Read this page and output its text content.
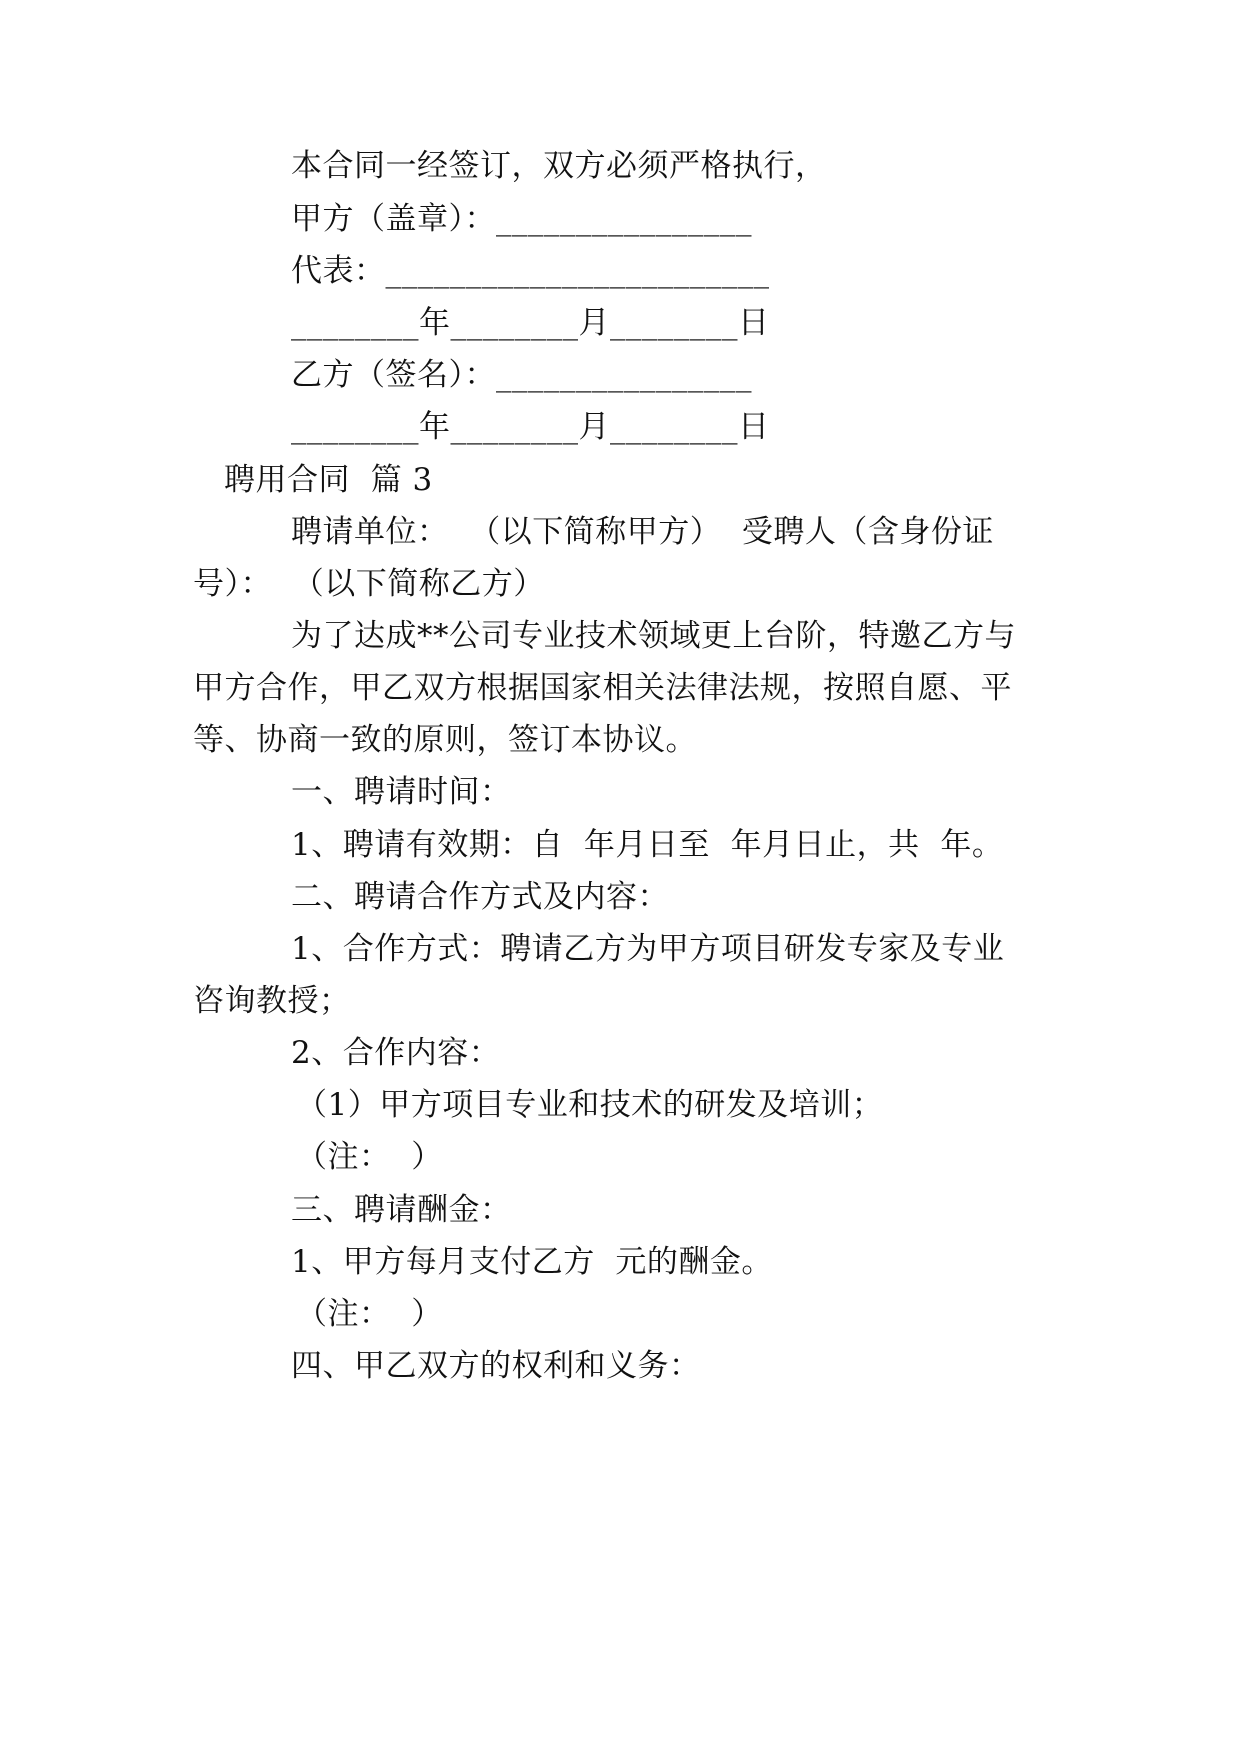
本合同一经签订，双方必须严格执行，
甲方（盖章）：________________
代表：________________________
________年________月________日
乙方（签名）：________________
________年________月________日
聘用合同  篇 3
聘请单位：  （以下简称甲方）  受聘人（含身份证
号）：  （以下简称乙方）
为了达成**公司专业技术领域更上台阶，特邀乙方与
甲方合作，甲乙双方根据国家相关法律法规，按照自愿、平
等、协商一致的原则，签订本协议。
一、聘请时间：
1、聘请有效期：自  年月日至  年月日止，共  年。
二、聘请合作方式及内容：
1、合作方式：聘请乙方为甲方项目研发专家及专业
咨询教授；
2、合作内容：
（1）甲方项目专业和技术的研发及培训；
（注：  ）
三、聘请酬金：
1、甲方每月支付乙方  元的酬金。
（注：  ）
四、甲乙双方的权利和义务：
